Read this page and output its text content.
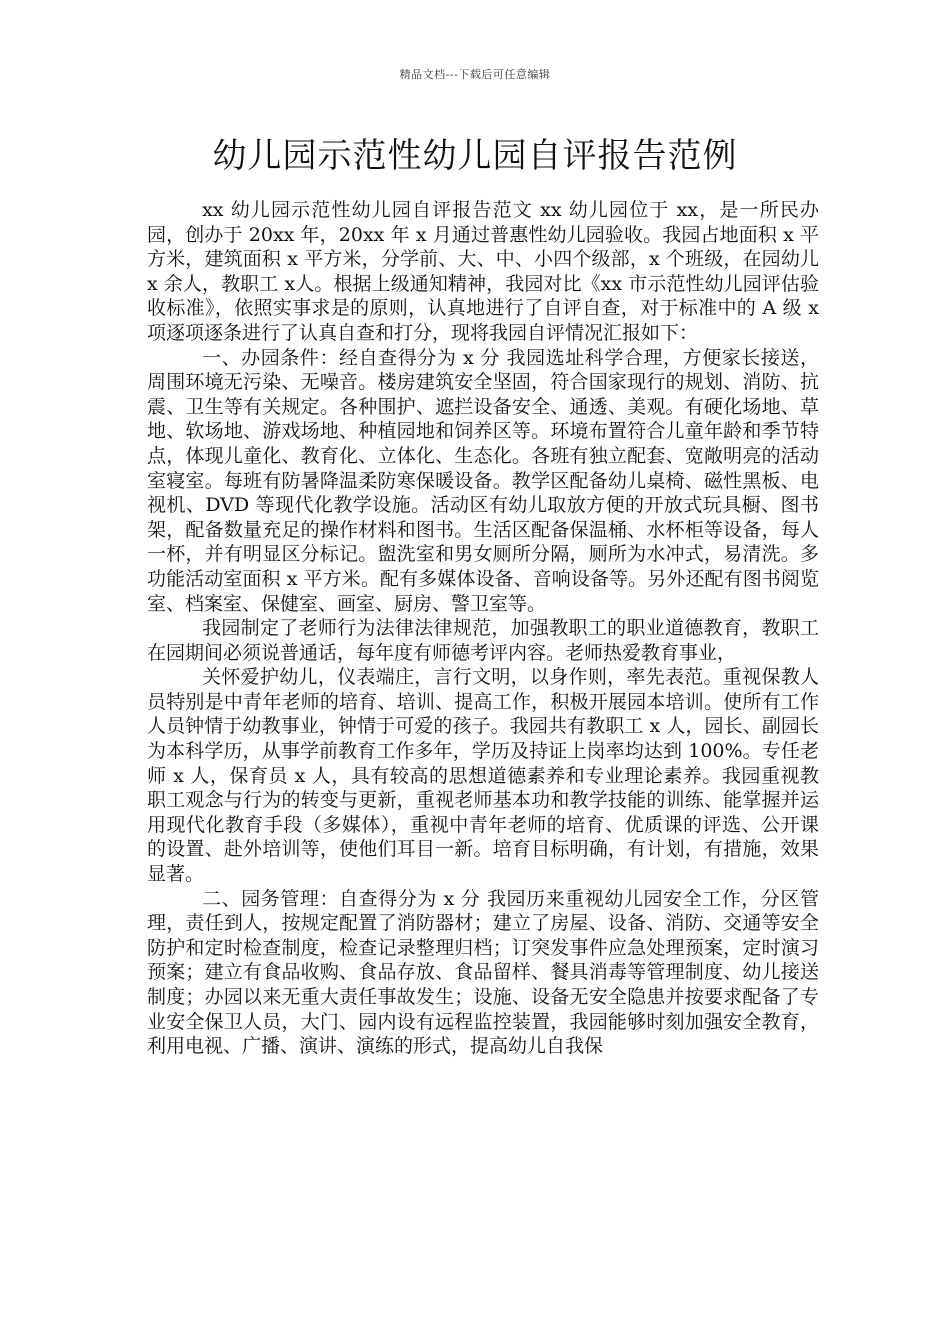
精品文档---下载后可任意编辑
幼儿园示范性幼儿园自评报告范例

xx 幼儿园示范性幼儿园自评报告范文 xx 幼儿园位于 xx，是一所民办园，创办于 20xx 年，20xx 年 x 月通过普惠性幼儿园验收。我园占地面积 x 平方米，建筑面积 x 平方米，分学前、大、中、小四个级部，x 个班级，在园幼儿 x 余人，教职工 x人。根据上级通知精神，我园对比《xx 市示范性幼儿园评估验收标准》，依照实事求是的原则，认真地进行了自评自查，对于标准中的 A 级 x项逐项逐条进行了认真自查和打分，现将我园自评情况汇报如下：

一、办园条件：经自查得分为 x 分 我园选址科学合理，方便家长接送，周围环境无污染、无噪音。楼房建筑安全坚固，符合国家现行的规划、消防、抗震、卫生等有关规定。各种围护、遮拦设备安全、通透、美观。有硬化场地、草地、软场地、游戏场地、种植园地和饲养区等。环境布置符合儿童年龄和季节特点，体现儿童化、教育化、立体化、生态化。各班有独立配套、宽敞明亮的活动室寝室。每班有防暑降温柔防寒保暖设备。教学区配备幼儿桌椅、磁性黑板、电视机、DVD 等现代化教学设施。活动区有幼儿取放方便的开放式玩具橱、图书架，配备数量充足的操作材料和图书。生活区配备保温桶、水杯柜等设备，每人一杯，并有明显区分标记。盥洗室和男女厕所分隔，厕所为水冲式，易清洗。多功能活动室面积 x 平方米。配有多媒体设备、音响设备等。另外还配有图书阅览室、档案室、保健室、画室、厨房、警卫室等。

我园制定了老师行为法律法律规范，加强教职工的职业道德教育，教职工在园期间必须说普通话，每年度有师德考评内容。老师热爱教育事业，

关怀爱护幼儿，仪表端庄，言行文明，以身作则，率先表范。重视保教人员特别是中青年老师的培育、培训、提高工作，积极开展园本培训。使所有工作人员钟情于幼教事业，钟情于可爱的孩子。我园共有教职工 x 人，园长、副园长为本科学历，从事学前教育工作多年，学历及持证上岗率均达到 100%。专任老师 x 人，保育员 x 人，具有较高的思想道德素养和专业理论素养。我园重视教职工观念与行为的转变与更新，重视老师基本功和教学技能的训练、能掌握并运用现代化教育手段（多媒体），重视中青年老师的培育、优质课的评选、公开课的设置、赴外培训等，使他们耳目一新。培育目标明确，有计划，有措施，效果显著。

二、园务管理：自查得分为 x 分 我园历来重视幼儿园安全工作，分区管理，责任到人，按规定配置了消防器材；建立了房屋、设备、消防、交通等安全防护和定时检查制度，检查记录整理归档；订突发事件应急处理预案，定时演习预案；建立有食品收购、食品存放、食品留样、餐具消毒等管理制度、幼儿接送制度；办园以来无重大责任事故发生；设施、设备无安全隐患并按要求配备了专业安全保卫人员，大门、园内设有远程监控装置，我园能够时刻加强安全教育，利用电视、广播、演讲、演练的形式，提高幼儿自我保
